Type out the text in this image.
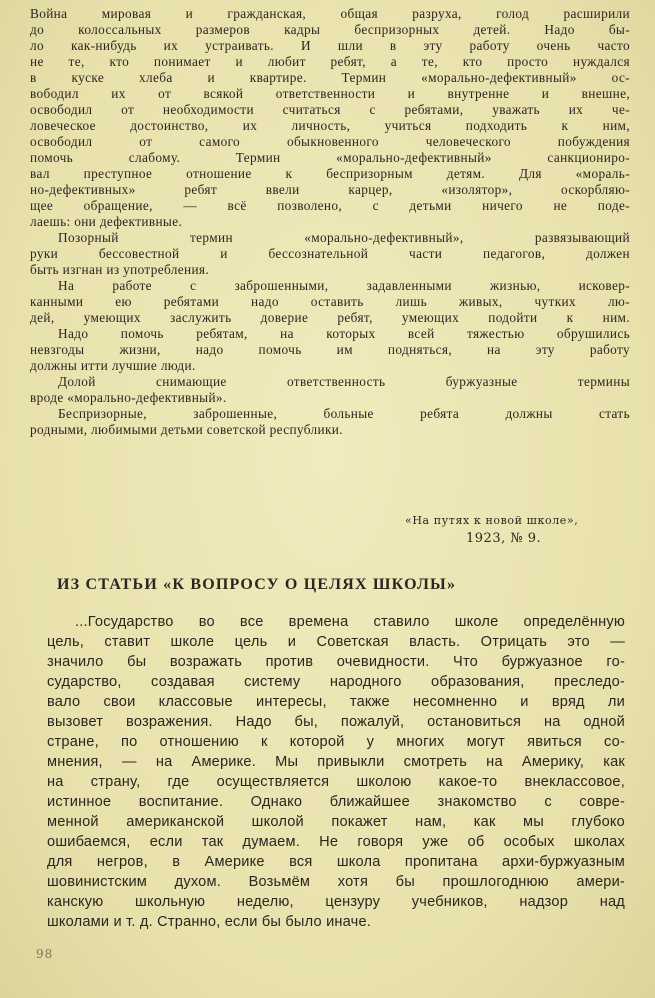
Война мировая и гражданская, общая разруха, голод расширили
до колоссальных размеров кадры беспризорных детей. Надо бы-
ло как-нибудь их устраивать. И шли в эту работу очень часто
не те, кто понимает и любит ребят, а те, кто просто нуждался
в куске хлеба и квартире. Термин «морально-дефективный» ос-
вободил их от всякой ответственности и внутренне и внешне,
освободил от необходимости считаться с ребятами, уважать их че-
ловеческое достоинство, их личность, учиться подходить к ним,
освободил от самого обыкновенного человеческого побуждения
помочь слабому. Термин «морально-дефективный» санкциониро-
вал преступное отношение к беспризорным детям. Для «мораль-
но-дефективных» ребят ввели карцер, «изолятор», оскорбляю-
щее обращение, — всё позволено, с детьми ничего не поде-
лаешь: они дефективные.
Позорный термин «морально-дефективный», развязывающий
руки бессовестной и бессознательной части педагогов, должен
быть изгнан из употребления.
На работе с заброшенными, задавленными жизнью, исковер-
канными ею ребятами надо оставить лишь живых, чутких лю-
дей, умеющих заслужить доверие ребят, умеющих подойти к ним.
Надо помочь ребятам, на которых всей тяжестью обрушились
невзгоды жизни, надо помочь им подняться, на эту работу
должны итти лучшие люди.
Долой снимающие ответственность буржуазные термины
вроде «морально-дефективный».
Беспризорные, заброшенные, больные ребята должны стать
родными, любимыми детьми советской республики.
«На путях к новой школе»,
1923, № 9.
ИЗ СТАТЬИ «К ВОПРОСУ О ЦЕЛЯХ ШКОЛЫ»
...Государство во все времена ставило школе определённую
цель, ставит школе цель и Советская власть. Отрицать это —
значило бы возражать против очевидности. Что буржуазное го-
сударство, создавая систему народного образования, преследо-
вало свои классовые интересы, также несомненно и вряд ли
вызовет возражения. Надо бы, пожалуй, остановиться на одной
стране, по отношению к которой у многих могут явиться со-
мнения, — на Америке. Мы привыкли смотреть на Америку, как
на страну, где осуществляется школою какое-то внеклассовое,
истинное воспитание. Однако ближайшее знакомство с совре-
менной американской школой покажет нам, как мы глубоко
ошибаемся, если так думаем. Не говоря уже об особых школах
для негров, в Америке вся школа пропитана архи-буржуазным
шовинистским духом. Возьмём хотя бы прошлогоднюю амери-
канскую школьную неделю, цензуру учебников, надзор над
школами и т. д. Странно, если бы было иначе.
98
